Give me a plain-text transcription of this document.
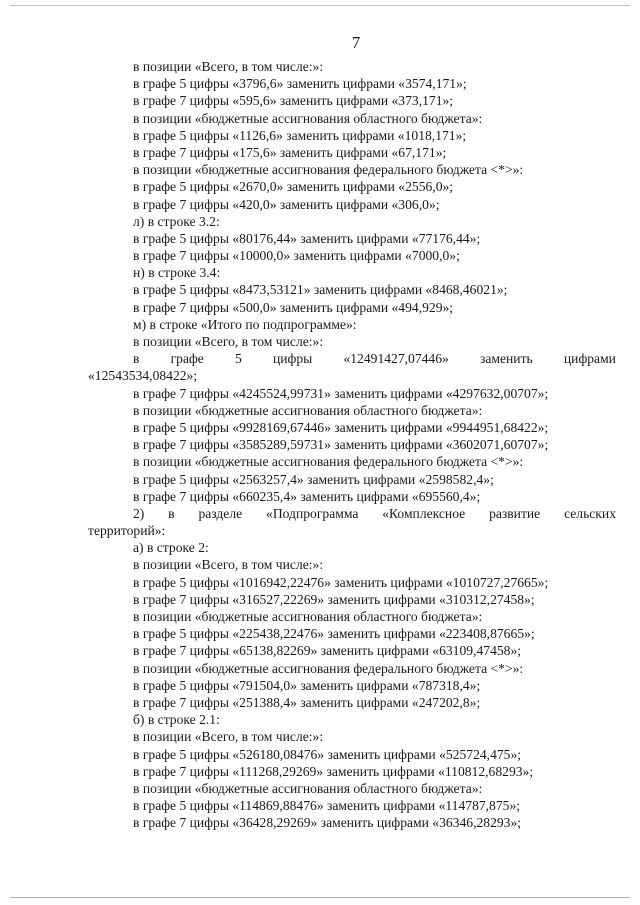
7
в позиции «Всего, в том числе:»:
в графе 5 цифры «3796,6» заменить цифрами «3574,171»;
в графе 7 цифры «595,6» заменить цифрами «373,171»;
в позиции «бюджетные ассигнования областного бюджета»:
в графе 5 цифры «1126,6» заменить цифрами «1018,171»;
в графе 7 цифры «175,6» заменить цифрами «67,171»;
в позиции «бюджетные ассигнования федерального бюджета <*>»:
в графе 5 цифры «2670,0» заменить цифрами «2556,0»;
в графе 7 цифры «420,0» заменить цифрами «306,0»;
л) в строке 3.2:
в графе 5 цифры «80176,44» заменить цифрами «77176,44»;
в графе 7 цифры «10000,0» заменить цифрами «7000,0»;
н) в строке 3.4:
в графе 5 цифры «8473,53121» заменить цифрами «8468,46021»;
в графе 7 цифры «500,0» заменить цифрами «494,929»;
м) в строке «Итого по подпрограмме»:
в позиции «Всего, в том числе:»:
в графе 5 цифры «12491427,07446» заменить цифрами
«12543534,08422»;
в графе 7 цифры «4245524,99731» заменить цифрами «4297632,00707»;
в позиции «бюджетные ассигнования областного бюджета»:
в графе 5 цифры «9928169,67446» заменить цифрами «9944951,68422»;
в графе 7 цифры «3585289,59731» заменить цифрами «3602071,60707»;
в позиции «бюджетные ассигнования федерального бюджета <*>»:
в графе 5 цифры «2563257,4» заменить цифрами «2598582,4»;
в графе 7 цифры «660235,4» заменить цифрами «695560,4»;
2) в разделе «Подпрограмма «Комплексное развитие сельских
территорий»:
а) в строке 2:
в позиции «Всего, в том числе:»:
в графе 5 цифры «1016942,22476» заменить цифрами «1010727,27665»;
в графе 7 цифры «316527,22269» заменить цифрами «310312,27458»;
в позиции «бюджетные ассигнования областного бюджета»:
в графе 5 цифры «225438,22476» заменить цифрами «223408,87665»;
в графе 7 цифры «65138,82269» заменить цифрами «63109,47458»;
в позиции «бюджетные ассигнования федерального бюджета <*>»:
в графе 5 цифры «791504,0» заменить цифрами «787318,4»;
в графе 7 цифры «251388,4» заменить цифрами «247202,8»;
б) в строке 2.1:
в позиции «Всего, в том числе:»:
в графе 5 цифры «526180,08476» заменить цифрами «525724,475»;
в графе 7 цифры «111268,29269» заменить цифрами «110812,68293»;
в позиции «бюджетные ассигнования областного бюджета»:
в графе 5 цифры «114869,88476» заменить цифрами «114787,875»;
в графе 7 цифры «36428,29269» заменить цифрами «36346,28293»;
